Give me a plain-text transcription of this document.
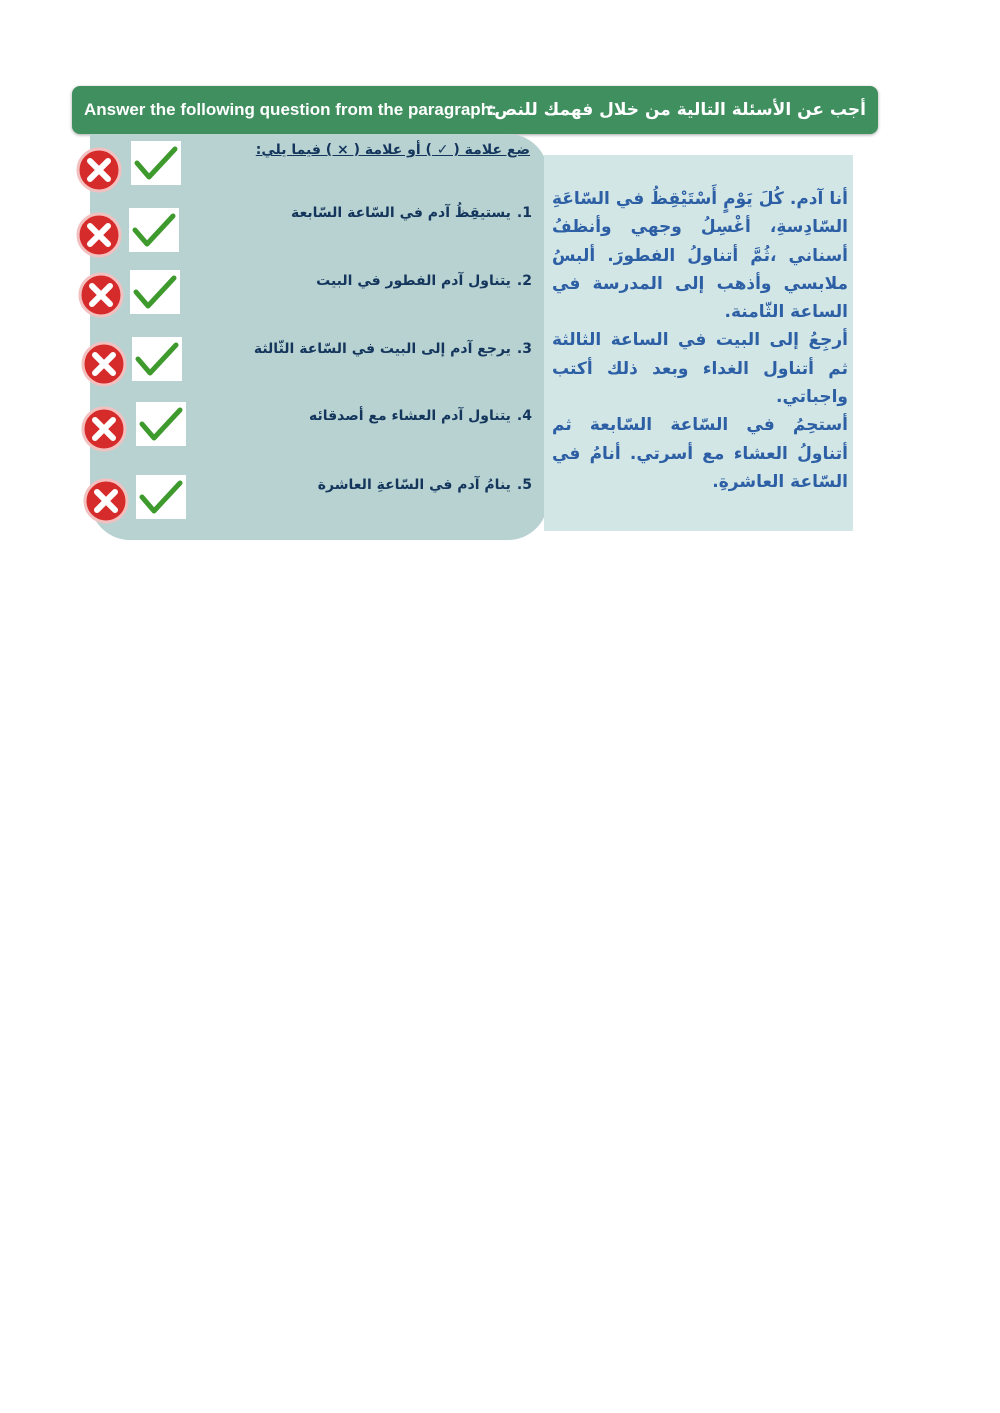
Answer the following question from the paragraph:
أجب عن الأسئلة التالية من خلال فهمك للنص:

أنا آدم. كُلَ يَوْمٍ أَسْتَيْقِظُ في السّاعَةِ السّادِسةِ، أغْسِلُ وجهي وأنظفُ أسناني ،ثُمَّ أتناولُ الفطورَ. ألبسُ ملابسي وأذهب إلى المدرسة في الساعة الثّامنة.

أرجِعُ إلى البيت في الساعة الثالثة ثم أتناول الغداء وبعد ذلك أكتب واجباتي.

أستحِمُ في السّاعة السّابعة ثم أتناولُ العشاء مع أسرتي. أنامُ في السّاعة العاشرةِ.

ضع علامة ( ✓ ) أو علامة ( × ) فيما يلي:
1.يستيقِظُ آدم في السّاعة السّابعة
2.يتناول آدم الفطور في البيت
3.يرجع آدم إلى البيت في السّاعة الثّالثة
4.يتناول آدم العشاء مع أصدقائه
5.ينامُ آدم في السّاعةِ العاشرة
